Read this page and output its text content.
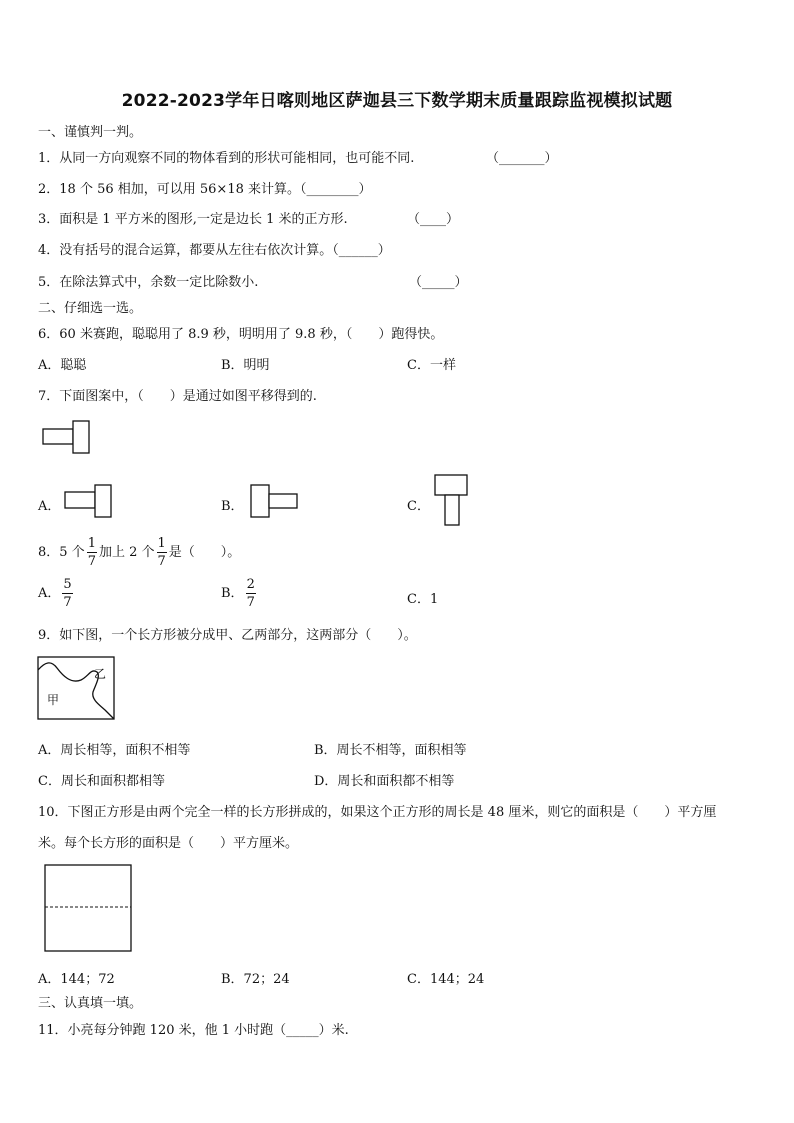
2022-2023学年日喀则地区萨迦县三下数学期末质量跟踪监视模拟试题
一、谨慎判一判。
1．从同一方向观察不同的物体看到的形状可能相同，也可能不同.	（_______）
2．18 个 56 相加，可以用 56×18 来计算。（________）
3．面积是 1 平方米的图形,一定是边长 1 米的正方形.	（____）
4．没有括号的混合运算，都要从左往右依次计算。（______）
5．在除法算式中，余数一定比除数小.	（_____）
二、仔细选一选。
6．60 米赛跑，聪聪用了 8.9 秒，明明用了 9.8 秒，（　　）跑得快。
A．聪聪	B．明明	C．一样
7．下面图案中，（　　）是通过如图平移得到的.
A．	B．	C．
8．5 个 $\frac{1}{7}$ 加上 2 个 $\frac{1}{7}$ 是（　　）。
A． $\frac{5}{7}$	B． $\frac{2}{7}$	C．1
9．如下图，一个长方形被分成甲、乙两部分，这两部分（　　）。
甲
乙
A．周长相等，面积不相等	B．周长不相等，面积相等
C．周长和面积都相等	D．周长和面积都不相等
10．下图正方形是由两个完全一样的长方形拼成的，如果这个正方形的周长是 48 厘米，则它的面积是（　　）平方厘
米。每个长方形的面积是（　　）平方厘米。
A．144；72	B．72；24	C．144；24
三、认真填一填。
11．小亮每分钟跑 120 米，他 1 小时跑（_____）米.
